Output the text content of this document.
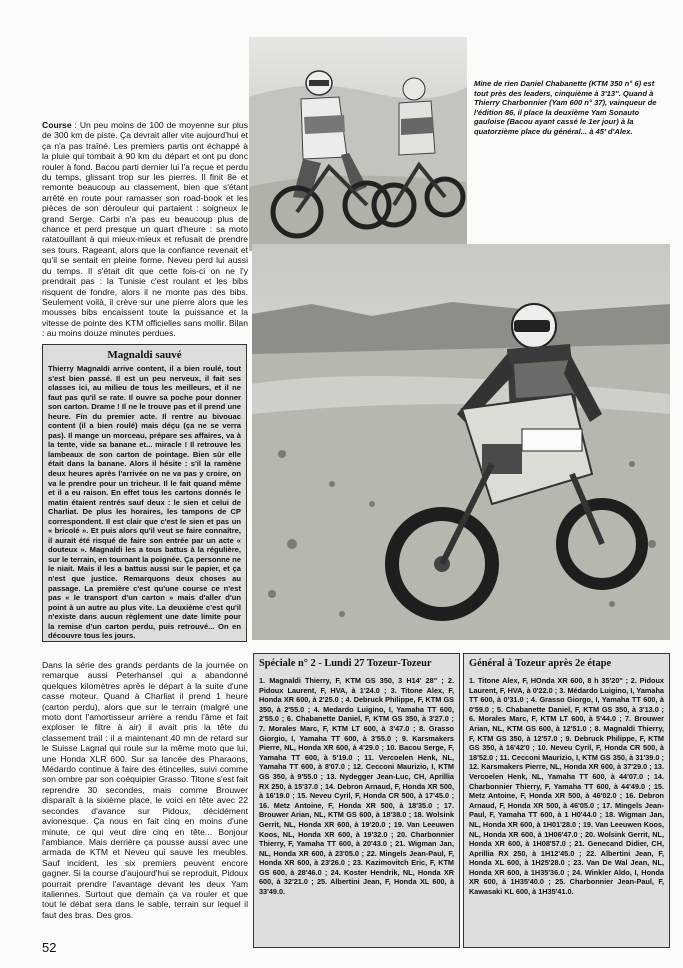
Mine de rien Daniel Chabanette (KTM 350 n° 6) est tout près des leaders, cinquième à 3'13''. Quand à Thierry Charbonnier (Yam 600 n° 37), vainqueur de l'édition 86, il place la deuxième Yam Sonauto gauloise (Bacou ayant cassé le 1er jour) à la quatorzième place du général... à 45' d'Alex.
Course : Un peu moins de 100 de moyenne sur plus de 300 km de piste. Ça devrait aller vite aujourd'hui et ça n'a pas traîné. Les premiers partis ont échappé à la pluie qui tombait à 90 km du départ et ont pu donc rouler à fond. Bacou parti dernier lui l'a reçue et perdu du temps, glissant trop sur les pierres. Il finit 8e et remonte beaucoup au classement, bien que s'étant arrêté en route pour ramasser son road-book et les pièces de son dérouleur qui partaient : soigneux le grand Serge. Carbi n'a pas eu beaucoup plus de chance et perd presque un quart d'heure : sa moto ratatouillant à qui mieux-mieux et refusait de prendre ses tours. Rageant, alors que la confiance revenait et qu'il se sentait en pleine forme. Neveu perd lui aussi du temps. Il s'était dit que cette fois-ci on ne l'y prendrait pas : la Tunisie c'est roulant et les bibs risquent de fondre, alors il ne monte pas des bibs. Seulement voilà, il crève sur une pierre alors que les mousses bibs encaissent toute la puissance et la vitesse de pointe des KTM officielles sans mollir. Bilan : au moins douze minutes perdues.
Magnaldi sauvé
Thierry Magnaldi arrive content, il a bien roulé, tout s'est bien passé. Il est un peu nerveux, il fait ses classes ici, au milieu de tous les meilleurs, et il ne faut pas qu'il se rate. Il ouvre sa poche pour donner son carton. Drame ! Il ne le trouve pas et il prend une heure. Fin du premier acte. Il rentre au bivouac content (il a bien roulé) mais déçu (ça ne se verra pas). Il mange un morceau, prépare ses affaires, va à la tente, vide sa banane et... miracle ! Il retrouve les lambeaux de son carton de pointage. Bien sûr elle était dans la banane. Alors il hésite : s'il la ramène deux heures après l'arrivée on ne va pas y croire, on va le prendre pour un tricheur. Il le fait quand même et il a eu raison. En effet tous les cartons donnés le matin étaient rentrés sauf deux : le sien et celui de Charliat. De plus les horaires, les tampons de CP correspondent. Il est clair que c'est le sien et pas un « bricolé ». Et puis alors qu'il veut se faire connaître, il aurait été risqué de faire son entrée par un acte « douteux ». Magnaldi les a tous battus à la régulière, sur le terrain, en tournant la poignée. Ça personne ne le niait. Mais il les a battus aussi sur le papier, et ça n'est que justice. Remarquons deux choses au passage. La première c'est qu'une course ce n'est pas « le transport d'un carton » mais d'aller d'un point à un autre au plus vite. La deuxième c'est qu'il n'existe dans aucun règlement une date limite pour la remise d'un carton perdu, puis retrouvé... On en découvre tous les jours.
Dans la série des grands perdants de la journée on remarque aussi Peterhansel qui a abandonné quelques kilomètres après le départ à la suite d'une casse moteur. Quand à Charliat il prend 1 heure (carton perdu), alors que sur le terrain (malgré une moto dont l'amortisseur arrière a rendu l'âme et fait exploser le filtre à air) il avait pris la tête du classement trail : il a maintenant 40 mn de retard sur le Suisse Lagnal qui roule sur la même moto que lui, une Honda XLR 600. Sur sa lancée des Pharaons, Médardo continue à faire des étincelles, suivi comme son ombre par son coéquipier Grasso. Titone s'est fait reprendre 30 secondes, mais comme Brouwer disparaît à la sixième place, le voici en tête avec 22 secondes d'avance sur Pidoux, décidément avionesque. Ça nous en fait cinq en moins d'une minute, ce qui veut dire cinq en tête... Bonjour l'ambiance. Mais derrière ça pousse aussi avec une armada de KTM et Neveu qui sauve les meubles. Sauf incident, les six premiers peuvent encore gagner. Si la course d'aujourd'hui se reproduit, Pidoux pourrait prendre l'avantage devant les deux Yam italiennes. Surtout que demain ça va rouler et que tout le débat sera dans le sable, terrain sur lequel il faut des bras. Des gros.
Spéciale n° 2 - Lundi 27 Tozeur-Tozeur
1. Magnaldi Thierry, F, KTM GS 350, 3 H14' 28" ; 2. Pidoux Laurent, F, HVA, à 1'24.0 ; 3. Titone Alex, F, Honda XR 600, à 2'25.0 ; 4. Debruck Philippe, F, KTM GS 350, à 2'55.0 ; 4. Medardo Luigino, I, Yamaha TT 600, 2'55.0 ; 6. Chabanette Daniel, F, KTM GS 350, à 3'27.0 ; 7. Morales Marc, F, KTM LT 600, à 3'47.0 ; 8. Grasso Giorgio, I, Yamaha TT 600, à 3'55.0 ; 9. Karsmakers Pierre, NL, Honda XR 600, à 4'29.0 ; 10. Bacou Serge, F, Yamaha TT 600, à 5'19.0 ; 11. Vercoelen Henk, NL, Yamaha TT 600, à 8'07.0 ; 12. Cecconi Maurizio, I, KTM GS 350, à 9'55.0 ; 13. Nydegger Jean-Luc, CH, Aprillia RX 250, à 15'37.0 ; 14. Debron Arnaud, F, Honda XR 500, à 16'19.0 ; 15. Neveu Cyril, F, Honda CR 500, à 17'45.0 ; 16. Metz Antoine, F, Honda XR 500, à 18'35.0 ; 17. Brouwer Arian, NL, KTM GS 600, à 18'38.0 ; 18. Wolsink Gerrit, NL, Honda XR 600, à 19'20.0 ; 19. Van Leeuwen Koos, NL, Honda XR 600, à 19'32.0 ; 20. Charbonnier Thierry, F, Yamaha TT 600, à 20'43.0 ; 21. Wigman Jan, NL, Honda XR 600, à 23'05.0 ; 22. Mingels Jean-Paul, F, Honda XR 600, à 23'26.0 ; 23. Kazimovitch Eric, F, KTM GS 600, à 28'46.0 ; 24. Koster Hendrik, NL, Honda XR 600, à 32'21.0 ; 25. Albertini Jean, F, Honda XL 600, à 33'49.0.
Général à Tozeur après 2e étape
1. Titone Alex, F, HOnda XR 600, 8 h 35'20" ; 2. Pidoux Laurent, F, HVA, à 0'22.0 ; 3. Médardo Luigino, I, Yamaha TT 600, à 0'31.0 ; 4. Grasso Giorgo, I, Yamaha TT 600, à 0'59.0 ; 5. Chabanette Daniel, F, KTM GS 350, à 3'13.0 ; 6. Morales Marc, F, KTM LT 600, à 5'44.0 ; 7. Brouwer Arian, NL, KTM GS 600, à 12'51.0 ; 8. Magnaldi Thierry, F, KTM GS 350, à 12'57.0 ; 9. Debruck Philippe, F, KTM GS 350, à 16'42'0 ; 10. Neveu Cyril, F, Honda CR 500, à 18'52.0 ; 11. Cecconi Maurizio, I, KTM GS 350, à 31'39.0 ; 12. Karsmakers Pierre, NL, Honda XR 600, à 37'29.0 ; 13. Vercoelen Henk, NL, Yamaha TT 600, à 44'07.0 ; 14. Charbonnier Thierry, F, Yamaha TT 600, à 44'49.0 ; 15. Metz Antoine, F, Honda XR 500, à 46'02.0 ; 16. Debron Arnaud, F, Honda XR 500, à 46'05.0 ; 17. Mingels Jean-Paul, F, Yamaha TT 600, à 1 H0'44.0 ; 18. Wigman Jan, NL, Honda XR 600, à 1H01'28.0 ; 19. Van Leeuwen Koos, NL, Honda XR 600, à 1H06'47.0 ; 20. Wolsink Gerrit, NL, Honda XR 600, à 1H08'57.0 ; 21. Genecand Didier, CH, Aprillia RX 250, à 1H12'45.0 ; 22. Albertini Jean, F, Honda XL 600, à 1H25'28.0 ; 23. Van De Wal Jean, NL, Honda XR 600, à 1H35'36.0 ; 24. Winkler Aldo, I, Honda XR 600, à 1H35'40.0 ; 25. Charbonnier Jean-Paul, F, Kawasaki KL 600, à 1H35'41.0.
52
